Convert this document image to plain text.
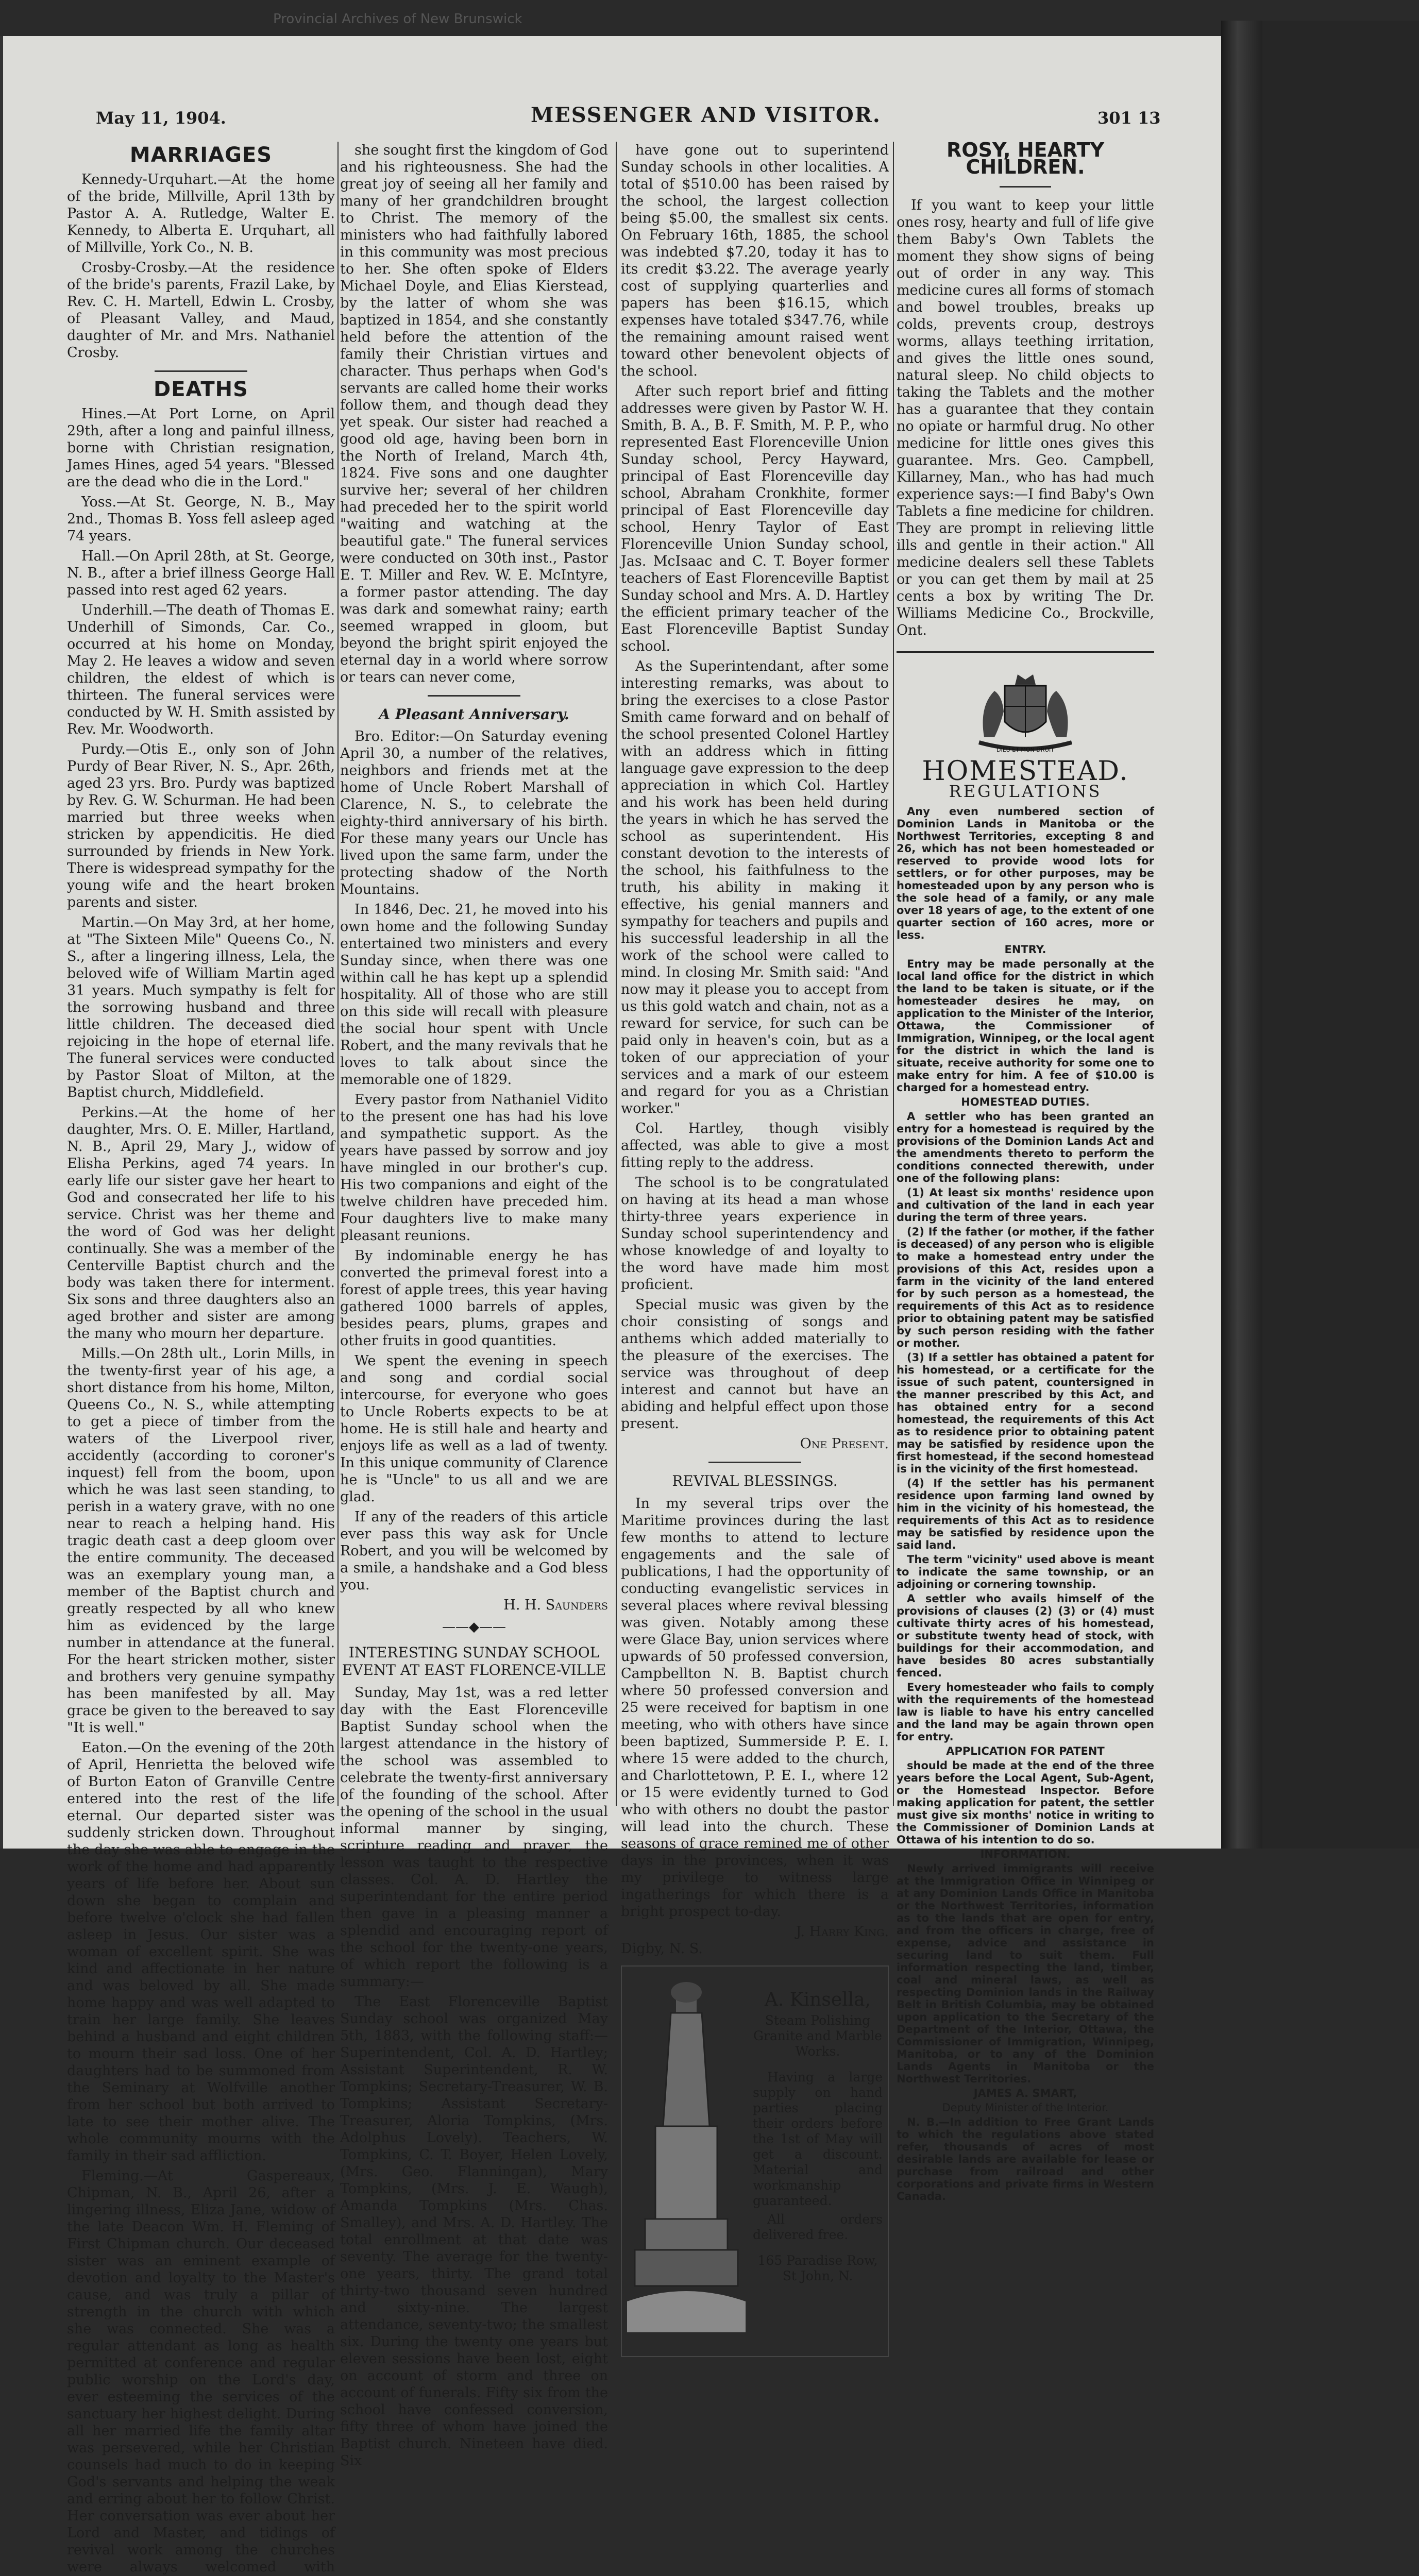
Provincial Archives of New Brunswick
May 11, 1904.	MESSENGER AND VISITOR.	301 13
MARRIAGES

Kennedy-Urquhart.—At the home of the bride, Millville, April 13th by Pastor A. A. Rutledge, Walter E. Kennedy, to Alberta E. Urquhart, all of Millville, York Co., N. B.

Crosby-Crosby.—At the residence of the bride's parents, Frazil Lake, by Rev. C. H. Martell, Edwin L. Crosby, of Pleasant Valley, and Maud, daughter of Mr. and Mrs. Nathaniel Crosby.

DEATHS

Hines.—At Port Lorne, on April 29th, after a long and painful illness, borne with Christian resignation, James Hines, aged 54 years. "Blessed are the dead who die in the Lord."

Yoss.—At St. George, N. B., May 2nd., Thomas B. Yoss fell asleep aged 74 years.

Hall.—On April 28th, at St. George, N. B., after a brief illness George Hall passed into rest aged 62 years.

Underhill.—The death of Thomas E. Underhill of Simonds, Car. Co., occurred at his home on Monday, May 2. He leaves a widow and seven children, the eldest of which is thirteen. The funeral services were conducted by W. H. Smith assisted by Rev. Mr. Woodworth.

Purdy.—Otis E., only son of John Purdy of Bear River, N. S., Apr. 26th, aged 23 yrs. Bro. Purdy was baptized by Rev. G. W. Schurman. He had been married but three weeks when stricken by appendicitis. He died surrounded by friends in New York. There is widespread sympathy for the young wife and the heart broken parents and sister.

Martin.—On May 3rd, at her home, at "The Sixteen Mile" Queens Co., N. S., after a lingering illness, Lela, the beloved wife of William Martin aged 31 years. Much sympathy is felt for the sorrowing husband and three little children. The deceased died rejoicing in the hope of eternal life. The funeral services were conducted by Pastor Sloat of Milton, at the Baptist church, Middlefield.

Perkins.—At the home of her daughter, Mrs. O. E. Miller, Hartland, N. B., April 29, Mary J., widow of Elisha Perkins, aged 74 years. In early life our sister gave her heart to God and consecrated her life to his service. Christ was her theme and the word of God was her delight continually. She was a member of the Centerville Baptist church and the body was taken there for interment. Six sons and three daughters also an aged brother and sister are among the many who mourn her departure.

Mills.—On 28th ult., Lorin Mills, in the twenty-first year of his age, a short distance from his home, Milton, Queens Co., N. S., while attempting to get a piece of timber from the waters of the Liverpool river, accidently (according to coroner's inquest) fell from the boom, upon which he was last seen standing, to perish in a watery grave, with no one near to reach a helping hand. His tragic death cast a deep gloom over the entire community. The deceased was an exemplary young man, a member of the Baptist church and greatly respected by all who knew him as evidenced by the large number in attendance at the funeral. For the heart stricken mother, sister and brothers very genuine sympathy has been manifested by all. May grace be given to the bereaved to say "It is well."

Eaton.—On the evening of the 20th of April, Henrietta the beloved wife of Burton Eaton of Granville Centre entered into the rest of the life eternal. Our departed sister was suddenly stricken down. Throughout the day she was able to engage in the work of the home and had apparently years of life before her. About sun down she began to complain and before twelve o'clock she had fallen asleep in Jesus. Our sister was a woman of excellent spirit. She was kind and affectionate in her nature and was beloved by all. She made home happy and was well adapted to train her large family. She leaves behind a husband and eight children to mourn their sad loss. One of her daughters had to be summoned from the Seminary at Wolfville another from her school but both arrived to late to see their mother alive. The whole community mourns with the family in their sad affliction.

Fleming.—At Gaspereaux, Chipman, N. B., April 26, after a lingering illness, Eliza Jane, widow of the late Deacon Wm. H. Fleming of First Chipman church. Our deceased sister was an eminent example of devotion and loyalty to the Master's cause, and was truly a pillar of strength in the church with which she was connected. She was a regular attendant as long as health permitted at conference and regular public worship on the Lord's day, ever esteeming the services of the sanctuary her highest delight. During all her married life the family altar was persevered, while her Christian counsels had much to do in keeping God's servants and helping the weak and erring about her to follow Christ. Her conversation was ever about her Lord and Master, and tidings of revival work among the churches were always welcomed with

she sought first the kingdom of God and his righteousness. She had the great joy of seeing all her family and many of her grandchildren brought to Christ. The memory of the ministers who had faithfully labored in this community was most precious to her. She often spoke of Elders Michael Doyle, and Elias Kierstead, by the latter of whom she was baptized in 1854, and she constantly held before the attention of the family their Christian virtues and character. Thus perhaps when God's servants are called home their works follow them, and though dead they yet speak. Our sister had reached a good old age, having been born in the North of Ireland, March 4th, 1824. Five sons and one daughter survive her; several of her children had preceded her to the spirit world "waiting and watching at the beautiful gate." The funeral services were conducted on 30th inst., Pastor E. T. Miller and Rev. W. E. McIntyre, a former pastor attending. The day was dark and somewhat rainy; earth seemed wrapped in gloom, but beyond the bright spirit enjoyed the eternal day in a world where sorrow or tears can never come,

A Pleasant Anniversary.

Bro. Editor:—On Saturday evening April 30, a number of the relatives, neighbors and friends met at the home of Uncle Robert Marshall of Clarence, N. S., to celebrate the eighty-third anniversary of his birth. For these many years our Uncle has lived upon the same farm, under the protecting shadow of the North Mountains.

In 1846, Dec. 21, he moved into his own home and the following Sunday entertained two ministers and every Sunday since, when there was one within call he has kept up a splendid hospitality. All of those who are still on this side will recall with pleasure the social hour spent with Uncle Robert, and the many revivals that he loves to talk about since the memorable one of 1829.

Every pastor from Nathaniel Vidito to the present one has had his love and sympathetic support. As the years have passed by sorrow and joy have mingled in our brother's cup. His two companions and eight of the twelve children have preceded him. Four daughters live to make many pleasant reunions.

By indominable energy he has converted the primeval forest into a forest of apple trees, this year having gathered 1000 barrels of apples, besides pears, plums, grapes and other fruits in good quantities.

We spent the evening in speech and song and cordial social intercourse, for everyone who goes to Uncle Roberts expects to be at home. He is still hale and hearty and enjoys life as well as a lad of twenty. In this unique community of Clarence he is "Uncle" to us all and we are glad.

If any of the readers of this article ever pass this way ask for Uncle Robert, and you will be welcomed by a smile, a handshake and a God bless you.

H. H. Saunders
——◆——
INTERESTING SUNDAY SCHOOL EVENT AT EAST FLORENCE-VILLE

Sunday, May 1st, was a red letter day with the East Florenceville Baptist Sunday school when the largest attendance in the history of the school was assembled to celebrate the twenty-first anniversary of the founding of the school. After the opening of the school in the usual informal manner by singing, scripture reading and prayer, the lesson was taught to the respective classes. Col. A. D. Hartley the superintendant for the entire period then gave in a pleasing manner a splendid and encouraging report of the school for the twenty-one years, of which report the following is a summary:—

The East Florenceville Baptist Sunday school was organized May 5th, 1883, with the following staff:—Superintendent, Col. A. D. Hartley; Assistant Superintendent, R. W. Tompkins; Secretary-Treasurer, W. B. Tompkins; Assistant Secretary-Treasurer, Aloria Tompkins, (Mrs. Adolphus Lovely). Teachers, W. Tompkins, C. T. Boyer, Helen Lovely, (Mrs. Geo. Flanningan), Mary Tompkins, (Mrs. J. E. Waugh), Amanda Tompkins (Mrs. Chas. Smalley), and Mrs. A. D. Hartley. The total enrollment at that date was seventy. The average for the twenty-one years, thirty. The grand total thirty-two thousand seven hundred and sixty-nine. The largest attendance, seventy-two; the smallest six. During the twenty one years but eleven sessions have been lost, eight on account of storm and three on account of funerals. Fifty six from the school have confessed conversion, fifty three of whom have joined the Baptist church. Nineteen have died. Six

have gone out to superintend Sunday schools in other localities. A total of $510.00 has been raised by the school, the largest collection being $5.00, the smallest six cents. On February 16th, 1885, the school was indebted $7.20, today it has to its credit $3.22. The average yearly cost of supplying quarterlies and papers has been $16.15, which expenses have totaled $347.76, while the remaining amount raised went toward other benevolent objects of the school.

After such report brief and fitting addresses were given by Pastor W. H. Smith, B. A., B. F. Smith, M. P. P., who represented East Florenceville Union Sunday school, Percy Hayward, principal of East Florenceville day school, Abraham Cronkhite, former principal of East Florenceville day school, Henry Taylor of East Florenceville Union Sunday school, Jas. McIsaac and C. T. Boyer former teachers of East Florenceville Baptist Sunday school and Mrs. A. D. Hartley the efficient primary teacher of the East Florenceville Baptist Sunday school.

As the Superintendant, after some interesting remarks, was about to bring the exercises to a close Pastor Smith came forward and on behalf of the school presented Colonel Hartley with an address which in fitting language gave expression to the deep appreciation in which Col. Hartley and his work has been held during the years in which he has served the school as superintendent. His constant devotion to the interests of the school, his faithfulness to the truth, his ability in making it effective, his genial manners and sympathy for teachers and pupils and his successful leadership in all the work of the school were called to mind. In closing Mr. Smith said: "And now may it please you to accept from us this gold watch and chain, not as a reward for service, for such can be paid only in heaven's coin, but as a token of our appreciation of your services and a mark of our esteem and regard for you as a Christian worker."

Col. Hartley, though visibly affected, was able to give a most fitting reply to the address.

The school is to be congratulated on having at its head a man whose thirty-three years experience in Sunday school superintendency and whose knowledge of and loyalty to the word have made him most proficient.

Special music was given by the choir consisting of songs and anthems which added materially to the pleasure of the exercises. The service was throughout of deep interest and cannot but have an abiding and helpful effect upon those present.

One Present.
REVIVAL BLESSINGS.

In my several trips over the Maritime provinces during the last few months to attend to lecture engagements and the sale of publications, I had the opportunity of conducting evangelistic services in several places where revival blessing was given. Notably among these were Glace Bay, union services where upwards of 50 professed conversion, Campbellton N. B. Baptist church where 50 professed conversion and 25 were received for baptism in one meeting, who with others have since been baptized, Summerside P. E. I. where 15 were added to the church, and Charlottetown, P. E. I., where 12 or 15 were evidently turned to God who with others no doubt the pastor will lead into the church. These seasons of grace remined me of other days in the provinces, when it was my privilege to witness large ingatherings for which there is a bright prospect to-day.

J. Harry King.
Digby, N. S.
A. Kinsella,
Steam Polishing Granite and Marble Works.

Having a large supply on hand parties placing their orders before the 1st of May will get a discount. Material and workmanship guaranteed.

All orders delivered free.

165 Paradise Row, St John, N.
ROSY, HEARTY CHILDREN.

If you want to keep your little ones rosy, hearty and full of life give them Baby's Own Tablets the moment they show signs of being out of order in any way. This medicine cures all forms of stomach and bowel troubles, breaks up colds, prevents croup, destroys worms, allays teething irritation, and gives the little ones sound, natural sleep. No child objects to taking the Tablets and the mother has a guarantee that they contain no opiate or harmful drug. No other medicine for little ones gives this guarantee. Mrs. Geo. Campbell, Killarney, Man., who has had much experience says:—I find Baby's Own Tablets a fine medicine for children. They are prompt in relieving little ills and gentle in their action." All medicine dealers sell these Tablets or you can get them by mail at 25 cents a box by writing The Dr. Williams Medicine Co., Brockville, Ont.

DIEU ET MON DROIT
HOMESTEAD.
REGULATIONS

Any even numbered section of Dominion Lands in Manitoba or the Northwest Territories, excepting 8 and 26, which has not been homesteaded or reserved to provide wood lots for settlers, or for other purposes, may be homesteaded upon by any person who is the sole head of a family, or any male over 18 years of age, to the extent of one quarter section of 160 acres, more or less.

ENTRY.

Entry may be made personally at the local land office for the district in which the land to be taken is situate, or if the homesteader desires he may, on application to the Minister of the Interior, Ottawa, the Commissioner of Immigration, Winnipeg, or the local agent for the district in which the land is situate, receive authority for some one to make entry for him. A fee of $10.00 is charged for a homestead entry.

HOMESTEAD DUTIES.

A settler who has been granted an entry for a homestead is required by the provisions of the Dominion Lands Act and the amendments thereto to perform the conditions connected therewith, under one of the following plans:

(1) At least six months' residence upon and cultivation of the land in each year during the term of three years.

(2) If the father (or mother, if the father is deceased) of any person who is eligible to make a homestead entry under the provisions of this Act, resides upon a farm in the vicinity of the land entered for by such person as a homestead, the requirements of this Act as to residence prior to obtaining patent may be satisfied by such person residing with the father or mother.

(3) If a settler has obtained a patent for his homestead, or a certificate for the issue of such patent, countersigned in the manner prescribed by this Act, and has obtained entry for a second homestead, the requirements of this Act as to residence prior to obtaining patent may be satisfied by residence upon the first homestead, if the second homestead is in the vicinity of the first homestead.

(4) If the settler has his permanent residence upon farming land owned by him in the vicinity of his homestead, the requirements of this Act as to residence may be satisfied by residence upon the said land.

The term "vicinity" used above is meant to indicate the same township, or an adjoining or cornering township.

A settler who avails himself of the provisions of clauses (2) (3) or (4) must cultivate thirty acres of his homestead, or substitute twenty head of stock, with buildings for their accommodation, and have besides 80 acres substantially fenced.

Every homesteader who fails to comply with the requirements of the homestead law is liable to have his entry cancelled and the land may be again thrown open for entry.

APPLICATION FOR PATENT

should be made at the end of the three years before the Local Agent, Sub-Agent, or the Homestead Inspector. Before making application for patent, the settler must give six months' notice in writing to the Commissioner of Dominion Lands at Ottawa of his intention to do so.

INFORMATION.

Newly arrived immigrants will receive at the Immigration Office in Winnipeg or at any Dominion Lands Office in Manitoba or the Northwest Territories, information as to the lands that are open for entry, and from the officers in charge, free of expense, advice and assistance in securing land to suit them. Full information respecting the land, timber, coal and mineral laws, as well as respecting Dominion lands in the Railway Belt in British Columbia, may be obtained upon application to the Secretary of the Department of the Interior, Ottawa, the Commissioner of Immigration, Winnipeg, Manitoba, or to any of the Dominion Lands Agents in Manitoba or the Northwest Territories.

JAMES A. SMART,
Deputy Minister of the Interior.

N. B.—In addition to Free Grant Lands to which the regulations above stated refer, thousands of acres of most desirable lands are available for lease or purchase from railroad and other corporations and private firms in Western Canada.
